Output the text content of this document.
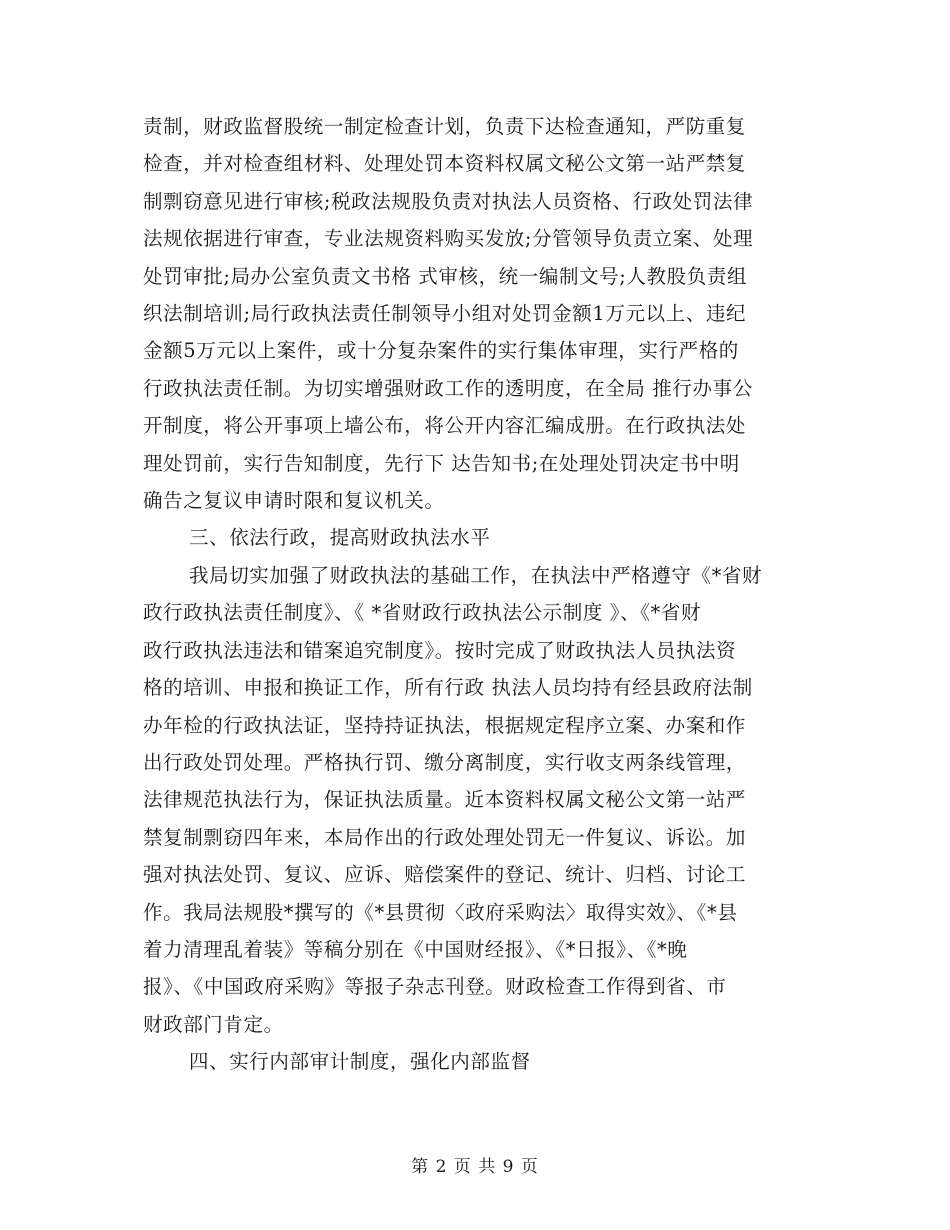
责制，财政监督股统一制定检查计划，负责下达检查通知，严防重复
检查，并对检查组材料、处理处罚本资料权属文秘公文第一站严禁复
制剽窃意见进行审核;税政法规股负责对执法人员资格、行政处罚法律
法规依据进行审查，专业法规资料购买发放;分管领导负责立案、处理
处罚审批;局办公室负责文书格 式审核，统一编制文号;人教股负责组
织法制培训;局行政执法责任制领导小组对处罚金额1万元以上、违纪
金额5万元以上案件，或十分复杂案件的实行集体审理，实行严格的
行政执法责任制。为切实增强财政工作的透明度，在全局 推行办事公
开制度，将公开事项上墙公布，将公开内容汇编成册。在行政执法处
理处罚前，实行告知制度，先行下 达告知书;在处理处罚决定书中明
确告之复议申请时限和复议机关。
三、依法行政，提高财政执法水平
我局切实加强了财政执法的基础工作，在执法中严格遵守《*省财
政行政执法责任制度》、《 *省财政行政执法公示制度 》、《*省财
政行政执法违法和错案追究制度》。按时完成了财政执法人员执法资
格的培训、申报和换证工作，所有行政 执法人员均持有经县政府法制
办年检的行政执法证，坚持持证执法，根据规定程序立案、办案和作
出行政处罚处理。严格执行罚、缴分离制度，实行收支两条线管理，
法律规范执法行为，保证执法质量。近本资料权属文秘公文第一站严
禁复制剽窃四年来，本局作出的行政处理处罚无一件复议、诉讼。加
强对执法处罚、复议、应诉、赔偿案件的登记、统计、归档、讨论工
作。我局法规股*撰写的《*县贯彻〈政府采购法〉取得实效》、《*县
着力清理乱着装》等稿分别在《中国财经报》、《*日报》、《*晚
报》、《中国政府采购》等报子杂志刊登。财政检查工作得到省、市
财政部门肯定。
四、实行内部审计制度，强化内部监督
第 2 页 共 9 页
